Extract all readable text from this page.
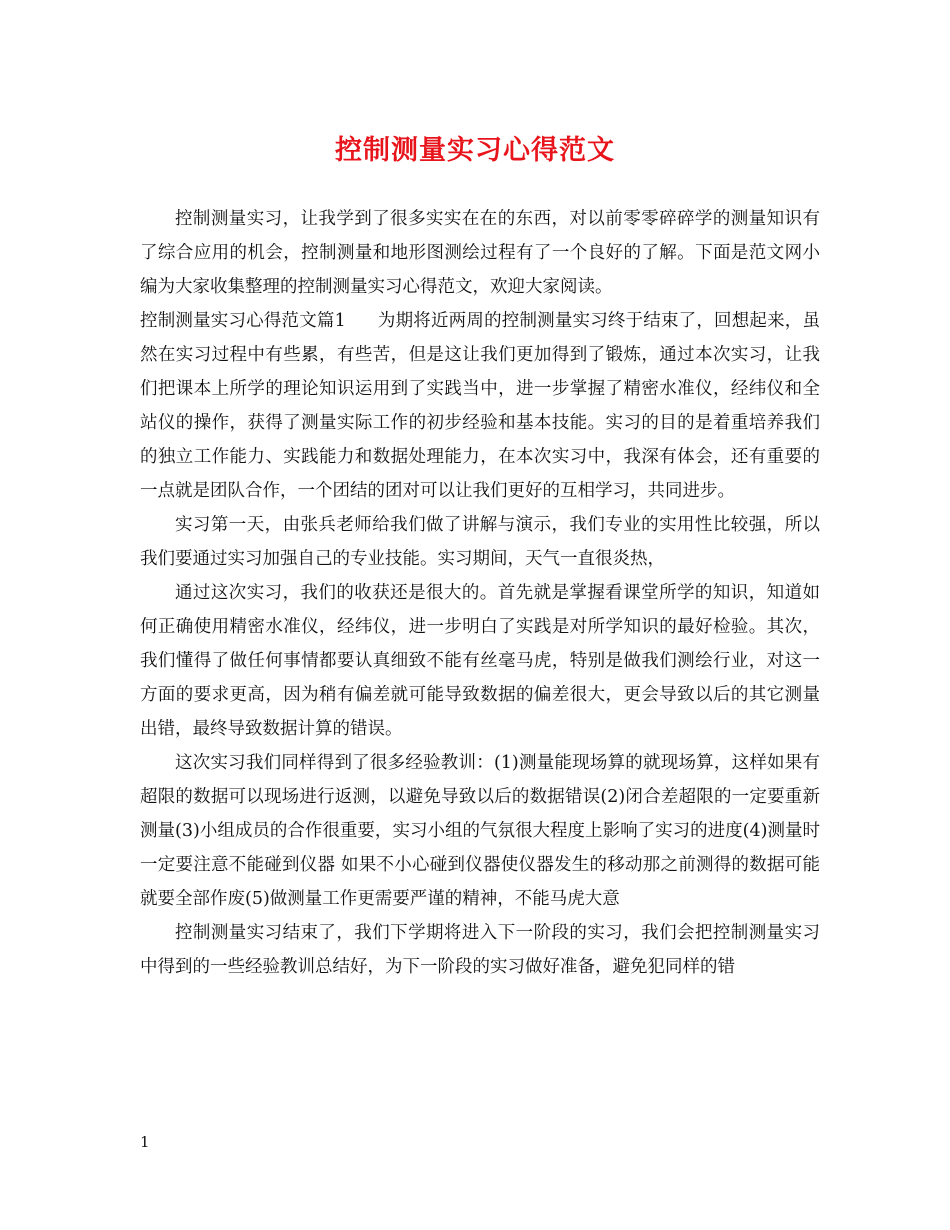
控制测量实习心得范文

控制测量实习，让我学到了很多实实在在的东西，对以前零零碎碎学的测量知识有了综合应用的机会，控制测量和地形图测绘过程有了一个良好的了解。下面是范文网小编为大家收集整理的控制测量实习心得范文，欢迎大家阅读。

控制测量实习心得范文篇1 为期将近两周的控制测量实习终于结束了，回想起来，虽然在实习过程中有些累，有些苦，但是这让我们更加得到了锻炼，通过本次实习，让我们把课本上所学的理论知识运用到了实践当中，进一步掌握了精密水准仪，经纬仪和全站仪的操作，获得了测量实际工作的初步经验和基本技能。实习的目的是着重培养我们的独立工作能力、实践能力和数据处理能力，在本次实习中，我深有体会，还有重要的一点就是团队合作，一个团结的团对可以让我们更好的互相学习，共同进步。

实习第一天，由张兵老师给我们做了讲解与演示，我们专业的实用性比较强，所以我们要通过实习加强自己的专业技能。实习期间，天气一直很炎热，

通过这次实习，我们的收获还是很大的。首先就是掌握看课堂所学的知识，知道如何正确使用精密水准仪，经纬仪，进一步明白了实践是对所学知识的最好检验。其次，我们懂得了做任何事情都要认真细致不能有丝毫马虎，特别是做我们测绘行业，对这一方面的要求更高，因为稍有偏差就可能导致数据的偏差很大，更会导致以后的其它测量出错，最终导致数据计算的错误。

这次实习我们同样得到了很多经验教训：(1)测量能现场算的就现场算，这样如果有超限的数据可以现场进行返测，以避免导致以后的数据错误(2)闭合差超限的一定要重新测量(3)小组成员的合作很重要，实习小组的气氛很大程度上影响了实习的进度(4)测量时一定要注意不能碰到仪器 如果不小心碰到仪器使仪器发生的移动那之前测得的数据可能就要全部作废(5)做测量工作更需要严谨的精神，不能马虎大意

控制测量实习结束了，我们下学期将进入下一阶段的实习，我们会把控制测量实习中得到的一些经验教训总结好，为下一阶段的实习做好准备，避免犯同样的错

1
